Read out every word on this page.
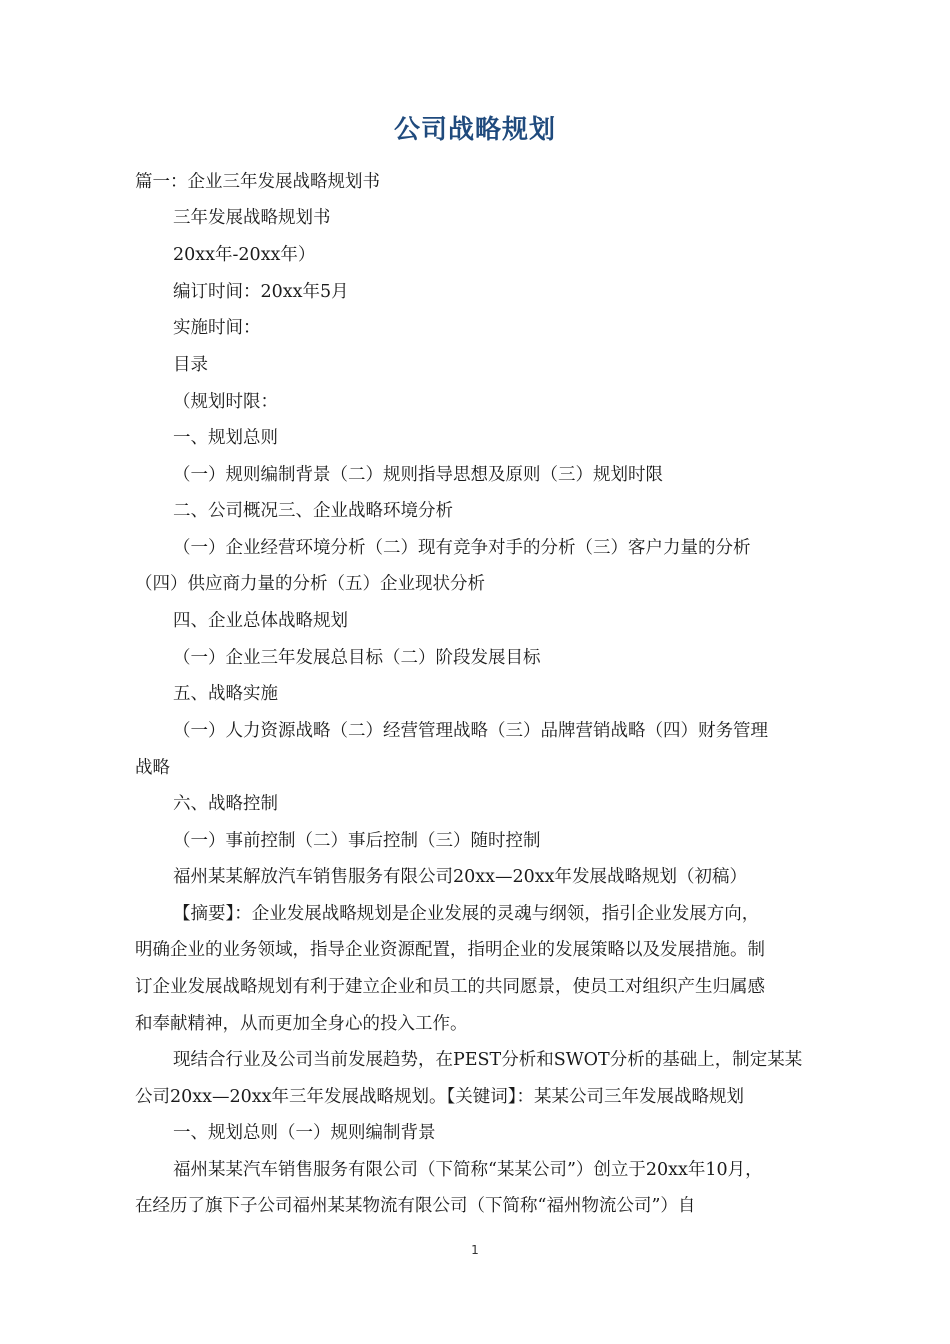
公司战略规划
篇一：企业三年发展战略规划书
三年发展战略规划书
20xx年-20xx年）
编订时间：20xx年5月
实施时间：
目录
（规划时限：
一、规划总则
（一）规则编制背景（二）规则指导思想及原则（三）规划时限
二、公司概况三、企业战略环境分析
（一）企业经营环境分析（二）现有竞争对手的分析（三）客户力量的分析
（四）供应商力量的分析（五）企业现状分析
四、企业总体战略规划
（一）企业三年发展总目标（二）阶段发展目标
五、战略实施
（一）人力资源战略（二）经营管理战略（三）品牌营销战略（四）财务管理
战略
六、战略控制
（一）事前控制（二）事后控制（三）随时控制
福州某某解放汽车销售服务有限公司20xx—20xx年发展战略规划（初稿）
【摘要】：企业发展战略规划是企业发展的灵魂与纲领，指引企业发展方向，
明确企业的业务领域，指导企业资源配置，指明企业的发展策略以及发展措施。制
订企业发展战略规划有利于建立企业和员工的共同愿景，使员工对组织产生归属感
和奉献精神，从而更加全身心的投入工作。
现结合行业及公司当前发展趋势，在PEST分析和SWOT分析的基础上，制定某某
公司20xx—20xx年三年发展战略规划。【关键词】：某某公司三年发展战略规划
一、规划总则（一）规则编制背景
福州某某汽车销售服务有限公司（下简称“某某公司”）创立于20xx年10月，
在经历了旗下子公司福州某某物流有限公司（下简称“福州物流公司”）自
1
